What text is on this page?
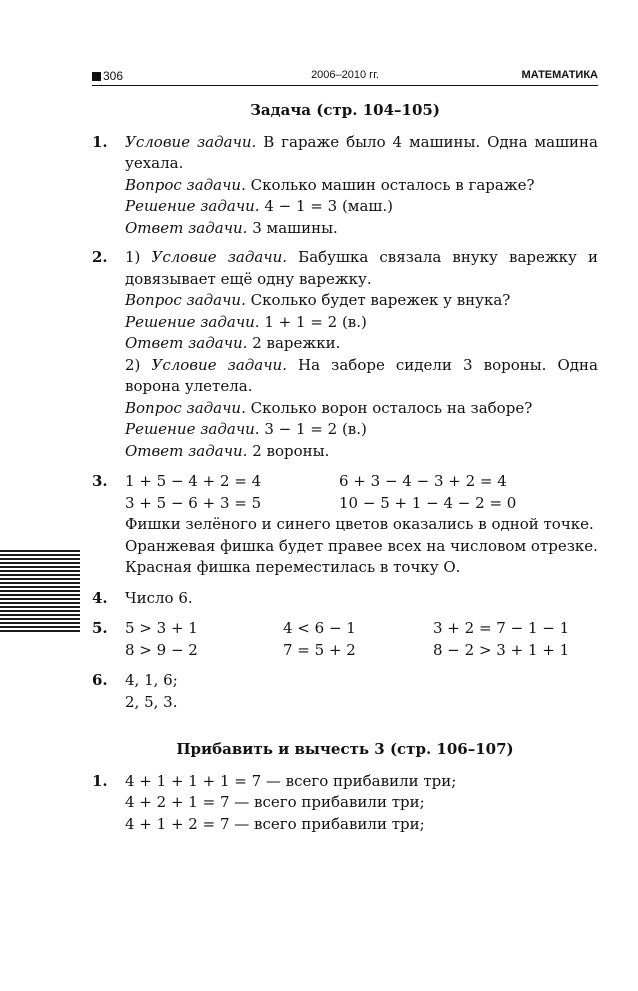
306	2006–2010 гг.	МАТЕМАТИКА

Задача (стр. 104–105)

1. Условие задачи. В гараже было 4 машины. Одна машина уехала.

Вопрос задачи. Сколько машин осталось в гараже?

Решение задачи. 4 − 1 = 3 (маш.)

Ответ задачи. 3 машины.

2. 1) Условие задачи. Бабушка связала внуку варежку и довязывает ещё одну варежку.

Вопрос задачи. Сколько будет варежек у внука?

Решение задачи. 1 + 1 = 2 (в.)

Ответ задачи. 2 варежки.

2) Условие задачи. На заборе сидели 3 вороны. Одна ворона улетела.

Вопрос задачи. Сколько ворон осталось на заборе?

Решение задачи. 3 − 1 = 2 (в.)

Ответ задачи. 2 вороны.

3. 1 + 5 − 4 + 2 = 4	6 + 3 − 4 − 3 + 2 = 4
3 + 5 − 6 + 3 = 5	10 − 5 + 1 − 4 − 2 = 0

Фишки зелёного и синего цветов оказались в одной точке.

Оранжевая фишка будет правее всех на числовом отрезке.

Красная фишка переместилась в точку О.

4. Число 6.

5. 5 > 3 + 1	4 < 6 − 1	3 + 2 = 7 − 1 − 1
8 > 9 − 2	7 = 5 + 2	8 − 2 > 3 + 1 + 1
6. 4, 1, 6;

2, 5, 3.

Прибавить и вычесть 3 (стр. 106–107)

1. 4 + 1 + 1 + 1 = 7 — всего прибавили три;

4 + 2 + 1 = 7 — всего прибавили три;

4 + 1 + 2 = 7 — всего прибавили три;
